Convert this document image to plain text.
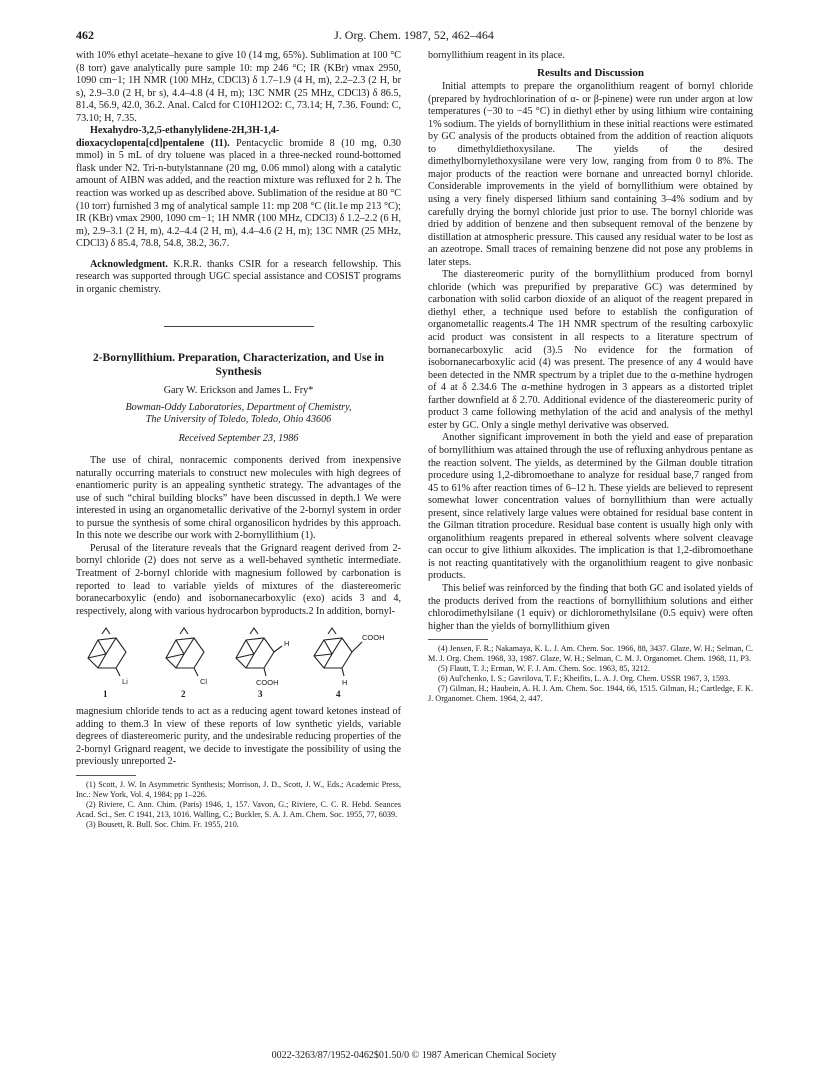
462	J. Org. Chem. 1987, 52, 462–464

with 10% ethyl acetate–hexane to give 10 (14 mg, 65%). Sublimation at 100 °C (8 torr) gave analytically pure sample 10: mp 246 °C; IR (KBr) νmax 2950, 1090 cm−1; 1H NMR (100 MHz, CDCl3) δ 1.7–1.9 (4 H, m), 2.2–2.3 (2 H, br s), 2.9–3.0 (2 H, br s), 4.4–4.8 (4 H, m); 13C NMR (25 MHz, CDCl3) δ 86.5, 81.4, 56.9, 42.0, 36.2. Anal. Calcd for C10H12O2: C, 73.14; H, 7.36. Found: C, 73.10; H, 7.35.

Hexahydro-3,2,5-ethanylylidene-2H,3H-1,4-dioxacyclopenta[cd]pentalene (11). Pentacyclic bromide 8 (10 mg, 0.30 mmol) in 5 mL of dry toluene was placed in a three-necked round-bottomed flask under N2. Tri-n-butylstannane (20 mg, 0.06 mmol) along with a catalytic amount of AIBN was added, and the reaction mixture was refluxed for 2 h. The reaction was worked up as described above. Sublimation of the residue at 80 °C (10 torr) furnished 3 mg of analytical sample 11: mp 208 °C (lit.1e mp 213 °C); IR (KBr) νmax 2900, 1090 cm−1; 1H NMR (100 MHz, CDCl3) δ 1.2–2.2 (6 H, m), 2.9–3.1 (2 H, m), 4.2–4.4 (2 H, m), 4.4–4.6 (2 H, m); 13C NMR (25 MHz, CDCl3) δ 85.4, 78.8, 54.8, 38.2, 36.7.

Acknowledgment. K.R.R. thanks CSIR for a research fellowship. This research was supported through UGC special assistance and COSIST programs in organic chemistry.

2-Bornyllithium. Preparation, Characterization, and Use in Synthesis

Gary W. Erickson and James L. Fry*

Bowman-Oddy Laboratories, Department of Chemistry,

The University of Toledo, Toledo, Ohio 43606

Received September 23, 1986

The use of chiral, nonracemic components derived from inexpensive naturally occurring materials to construct new molecules with high degrees of enantiomeric purity is an appealing synthetic strategy. The advantages of the use of such “chiral building blocks” have been discussed in depth.1 We were interested in using an organometallic derivative of the 2-bornyl system in order to pursue the synthesis of some chiral organosilicon hydrides by this approach. In this note we describe our work with 2-bornyllithium (1).

Perusal of the literature reveals that the Grignard reagent derived from 2-bornyl chloride (2) does not serve as a well-behaved synthetic intermediate. Treatment of 2-bornyl chloride with magnesium followed by carbonation is reported to lead to variable yields of mixtures of the diastereomeric boranecarboxylic (endo) and isobornanecarboxylic (exo) acids 3 and 4, respectively, along with various hydrocarbon byproducts.2 In addition, bornyl-

Li	Cl	COOH
H
COOH
H
1	2	3	4

magnesium chloride tends to act as a reducing agent toward ketones instead of adding to them.3 In view of these reports of low synthetic yields, variable degrees of diastereomeric purity, and the undesirable reducing properties of the 2-bornyl Grignard reagent, we decide to investigate the possibility of using the previously unreported 2-

(1) Scott, J. W. In Asymmetric Synthesis; Morrison, J. D., Scott, J. W., Eds.; Academic Press, Inc.: New York, Vol. 4, 1984; pp 1–226.

(2) Riviere, C. Ann. Chim. (Paris) 1946, 1, 157. Vavon, G.; Riviere, C. C. R. Hebd. Seances Acad. Sci., Ser. C 1941, 213, 1016. Walling, C.; Buckler, S. A. J. Am. Chem. Soc. 1955, 77, 6039.

(3) Bousett, R. Bull. Soc. Chim. Fr. 1955, 210.

bornyllithium reagent in its place.

Results and Discussion

Initial attempts to prepare the organolithium reagent of bornyl chloride (prepared by hydrochlorination of α- or β-pinene) were run under argon at low temperatures (−30 to −45 °C) in diethyl ether by using lithium wire containing 1% sodium. The yields of bornyllithium in these initial reactions were estimated by GC analysis of the products obtained from the addition of reaction aliquots to dimethyldiethoxysilane. The yields of the desired dimethylbornylethoxysilane were very low, ranging from from 0 to 8%. The major products of the reaction were bornane and unreacted bornyl chloride. Considerable improvements in the yield of bornyllithium were obtained by using a very finely dispersed lithium sand containing 3–4% sodium and by carefully drying the bornyl chloride just prior to use. The bornyl chloride was dried by addition of benzene and then subsequent removal of the benzene by distillation at atmospheric pressure. This caused any residual water to be lost as an azeotrope. Small traces of remaining benzene did not pose any problems in later steps.

The diastereomeric purity of the bornyllithium produced from bornyl chloride (which was prepurified by preparative GC) was determined by carbonation with solid carbon dioxide of an aliquot of the reagent prepared in diethyl ether, a technique used before to establish the configuration of organometallic reagents.4 The 1H NMR spectrum of the resulting carboxylic acid product was consistent in all respects to a literature spectrum of bornanecarboxylic acid (3).5 No evidence for the formation of isobornanecarboxylic acid (4) was present. The presence of any 4 would have been detected in the NMR spectrum by a triplet due to the α-methine hydrogen of 4 at δ 2.34.6 The α-methine hydrogen in 3 appears as a distorted triplet farther downfield at δ 2.70. Additional evidence of the diastereomeric purity of product 3 came following methylation of the acid and analysis of the methyl ester by GC. Only a single methyl derivative was observed.

Another significant improvement in both the yield and ease of preparation of bornyllithium was attained through the use of refluxing anhydrous pentane as the reaction solvent. The yields, as determined by the Gilman double titration procedure using 1,2-dibromoethane to analyze for residual base,7 ranged from 45 to 61% after reaction times of 6–12 h. These yields are believed to represent somewhat lower concentration values of bornyllithium than were actually present, since relatively large values were obtained for residual base content in the Gilman titration procedure. Residual base content is usually high only with organolithium reagents prepared in ethereal solvents where solvent cleavage can occur to give lithium alkoxides. The implication is that 1,2-dibromoethane is not reacting quantitatively with the organolithium reagent to give nonbasic products.

This belief was reinforced by the finding that both GC and isolated yields of the products derived from the reactions of bornyllithium solutions and either chlorodimethylsilane (1 equiv) or dichloromethylsilane (0.5 equiv) were often higher than the yields of bornyllithium given

(4) Jensen, F. R.; Nakamaya, K. L. J. Am. Chem. Soc. 1966, 88, 3437. Glaze, W. H.; Selman, C. M. J. Org. Chem. 1968, 33, 1987. Glaze, W. H.; Selman, C. M. J. Organomet. Chem. 1968, 11, P3.

(5) Flautt, T. J.; Erman, W. F. J. Am. Chem. Soc. 1963, 85, 3212.

(6) Aul'chenko, I. S.; Gavrilova, T. F.; Kheifits, L. A. J. Org. Chem. USSR 1967, 3, 1593.

(7) Gilman, H.; Haubein, A. H. J. Am. Chem. Soc. 1944, 66, 1515. Gilman, H.; Cartledge, F. K. J. Organomet. Chem. 1964, 2, 447.

0022-3263/87/1952-0462$01.50/0 © 1987 American Chemical Society
